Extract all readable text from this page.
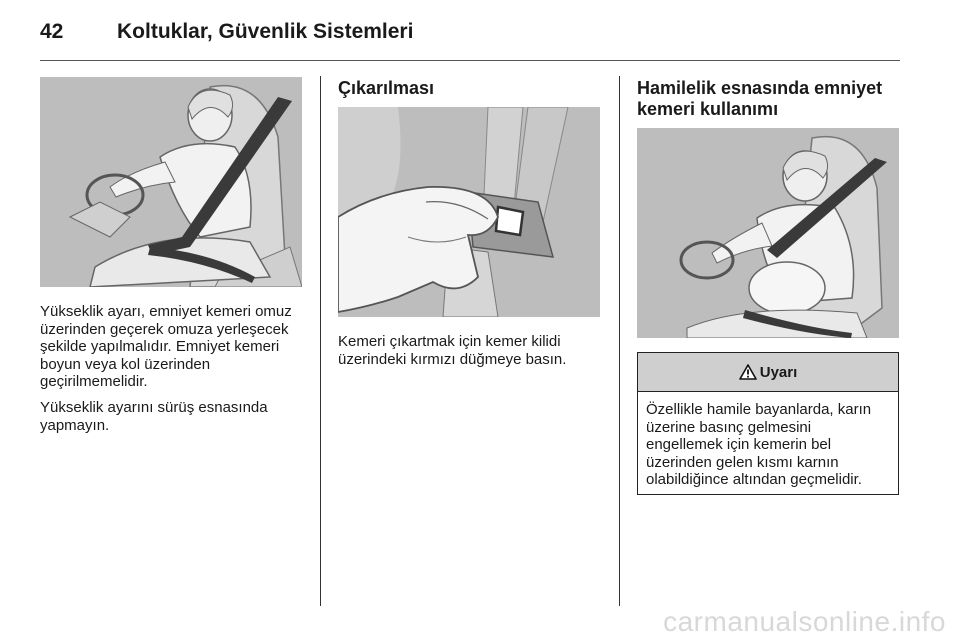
42	Koltuklar, Güvenlik Sistemleri

Yükseklik ayarı, emniyet kemeri omuz üzerinden geçerek omuza yerleşecek şekilde yapılmalıdır. Emniyet kemeri boyun veya kol üzerinden geçirilmemelidir.

Yükseklik ayarını sürüş esnasında yapmayın.

Çıkarılması

Kemeri çıkartmak için kemer kilidi üzerindeki kırmızı düğmeye basın.

Hamilelik esnasında emniyet kemeri kullanımı
Uyarı
Özellikle hamile bayanlarda, karın üzerine basınç gelmesini engellemek için kemerin bel üzerinden gelen kısmı karnın olabildiğince altından geçmelidir.
carmanualsonline.info
